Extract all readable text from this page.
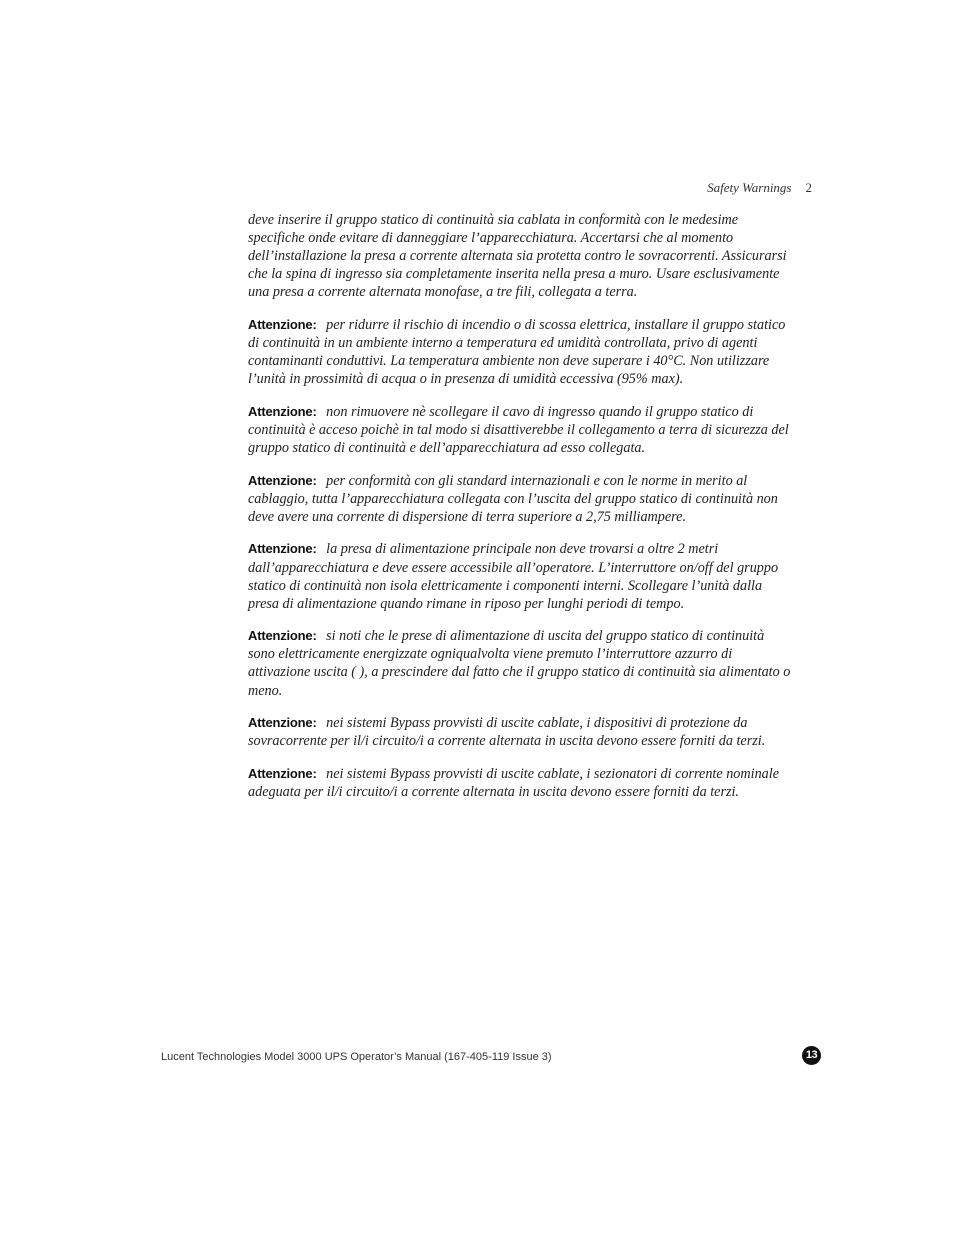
Safety Warnings 2

deve inserire il gruppo statico di continuità sia cablata in conformità con le medesime specifiche onde evitare di danneggiare l’apparecchiatura. Accertarsi che al momento dell’installazione la presa a corrente alternata sia protetta contro le sovracorrenti. Assicurarsi che la spina di ingresso sia completamente inserita nella presa a muro. Usare esclusivamente una presa a corrente alternata monofase, a tre fili, collegata a terra.

Attenzione: per ridurre il rischio di incendio o di scossa elettrica, installare il gruppo statico di continuità in un ambiente interno a temperatura ed umidità controllata, privo di agenti contaminanti conduttivi. La temperatura ambiente non deve superare i 40°C. Non utilizzare l’unità in prossimità di acqua o in presenza di umidità eccessiva (95% max).

Attenzione: non rimuovere nè scollegare il cavo di ingresso quando il gruppo statico di continuità è acceso poichè in tal modo si disattiverebbe il collegamento a terra di sicurezza del gruppo statico di continuità e dell’apparecchiatura ad esso collegata.

Attenzione: per conformità con gli standard internazionali e con le norme in merito al cablaggio, tutta l’apparecchiatura collegata con l’uscita del gruppo statico di continuità non deve avere una corrente di dispersione di terra superiore a 2,75 milliampere.

Attenzione: la presa di alimentazione principale non deve trovarsi a oltre 2 metri dall’apparecchiatura e deve essere accessibile all’operatore. L’interruttore on/off del gruppo statico di continuità non isola elettricamente i componenti interni. Scollegare l’unità dalla presa di alimentazione quando rimane in riposo per lunghi periodi di tempo.

Attenzione: si noti che le prese di alimentazione di uscita del gruppo statico di continuità sono elettricamente energizzate ogniqualvolta viene premuto l’interruttore azzurro di attivazione uscita ( ), a prescindere dal fatto che il gruppo statico di continuità sia alimentato o meno.

Attenzione: nei sistemi Bypass provvisti di uscite cablate, i dispositivi di protezione da sovracorrente per il/i circuito/i a corrente alternata in uscita devono essere forniti da terzi.

Attenzione: nei sistemi Bypass provvisti di uscite cablate, i sezionatori di corrente nominale adeguata per il/i circuito/i a corrente alternata in uscita devono essere forniti da terzi.

Lucent Technologies Model 3000 UPS Operator’s Manual (167-405-119 Issue 3)	13
